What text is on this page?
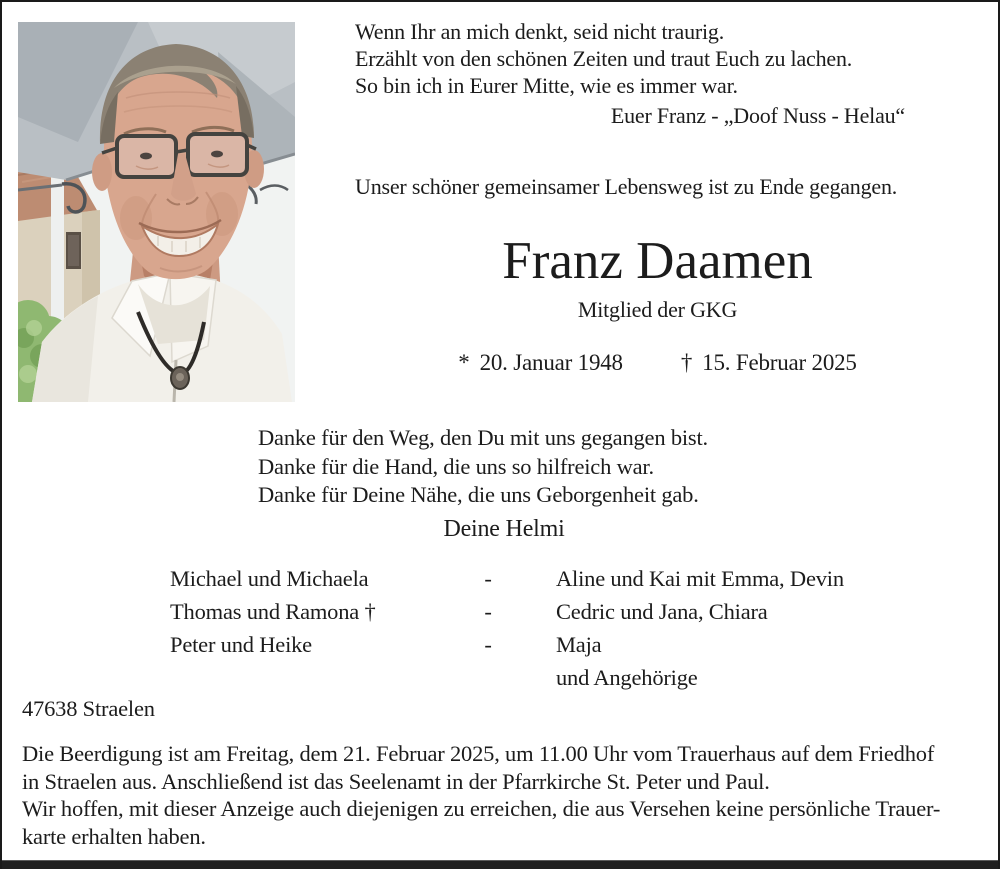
Wenn Ihr an mich denkt, seid nicht traurig.
Erzählt von den schönen Zeiten und traut Euch zu lachen.
So bin ich in Eurer Mitte, wie es immer war.
Euer Franz - „Doof Nuss - Helau“
Unser schöner gemeinsamer Lebensweg ist zu Ende gegangen.
Franz Daamen
Mitglied der GKG
* 20. Januar 1948	† 15. Februar 2025
Danke für den Weg, den Du mit uns gegangen bist.
Danke für die Hand, die uns so hilfreich war.
Danke für Deine Nähe, die uns Geborgenheit gab.
Deine Helmi
Michael und Michaela	-	Aline und Kai mit Emma, Devin
Thomas und Ramona †	-	Cedric und Jana, Chiara
Peter und Heike	-	Maja
und Angehörige
47638 Straelen
Die Beerdigung ist am Freitag, dem 21. Februar 2025, um 11.00 Uhr vom Trauerhaus auf dem Friedhof
in Straelen aus. Anschließend ist das Seelenamt in der Pfarrkirche St. Peter und Paul.
Wir hoffen, mit dieser Anzeige auch diejenigen zu erreichen, die aus Versehen keine persönliche Trauer-
karte erhalten haben.
